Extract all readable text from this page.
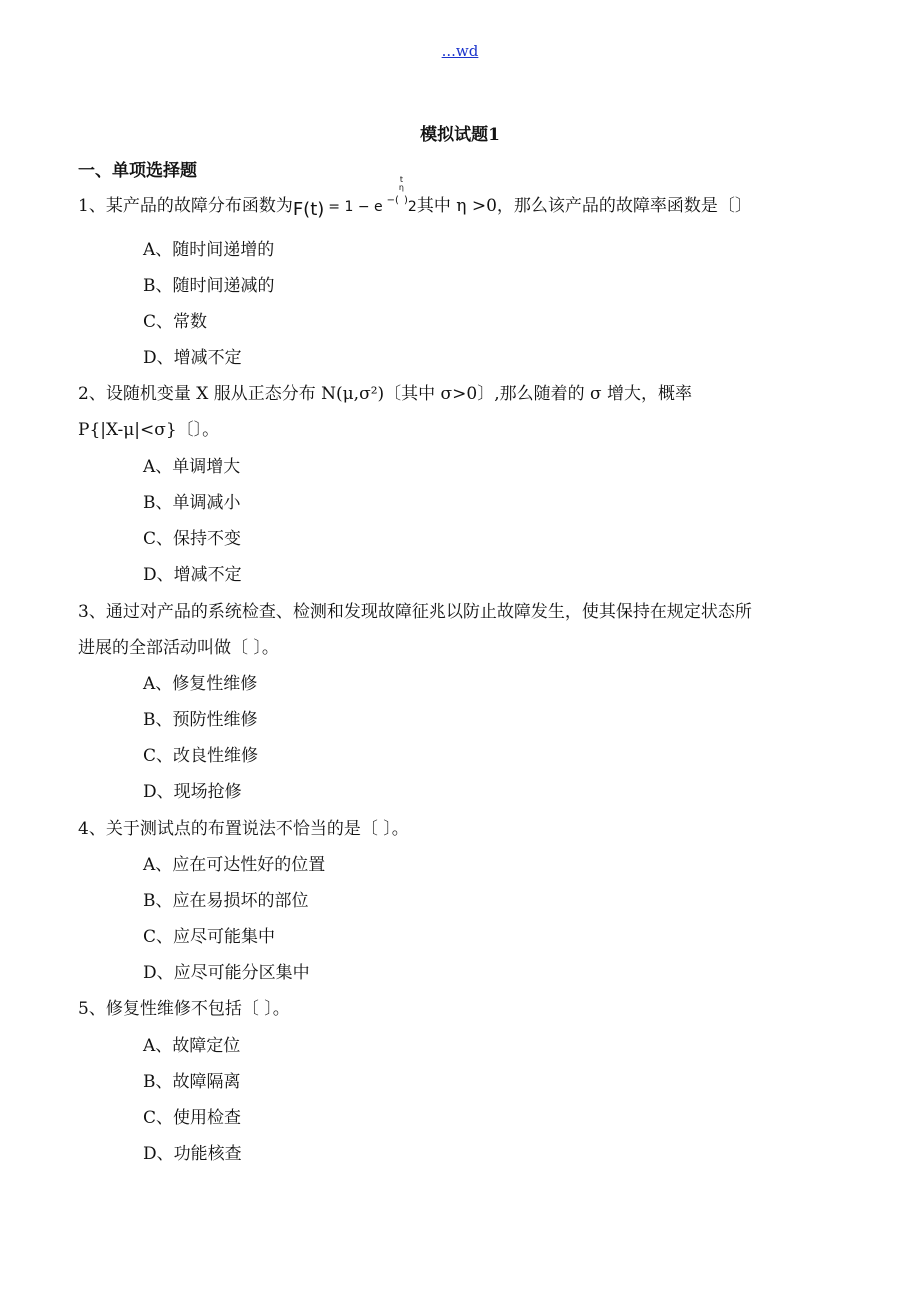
...wd
模拟试题1
一、单项选择题
1、某产品的故障分布函数为F(t) = 1 − e $^{-(t \eta)}$2其中 η >0，那么该产品的故障率函数是〔〕
A、随时间递增的
B、随时间递减的
C、常数
D、增减不定
2、设随机变量 X 服从正态分布 N(μ,σ²)〔其中 σ>0〕,那么随着的 σ 增大，概率
P{|X-μ|<σ}〔〕。
A、单调增大
B、单调减小
C、保持不变
D、增减不定
3、通过对产品的系统检查、检测和发现故障征兆以防止故障发生，使其保持在规定状态所
进展的全部活动叫做〔 〕。
A、修复性维修
B、预防性维修
C、改良性维修
D、现场抢修
4、关于测试点的布置说法不恰当的是〔 〕。
A、应在可达性好的位置
B、应在易损坏的部位
C、应尽可能集中
D、应尽可能分区集中
5、修复性维修不包括〔 〕。
A、故障定位
B、故障隔离
C、使用检查
D、功能核查
